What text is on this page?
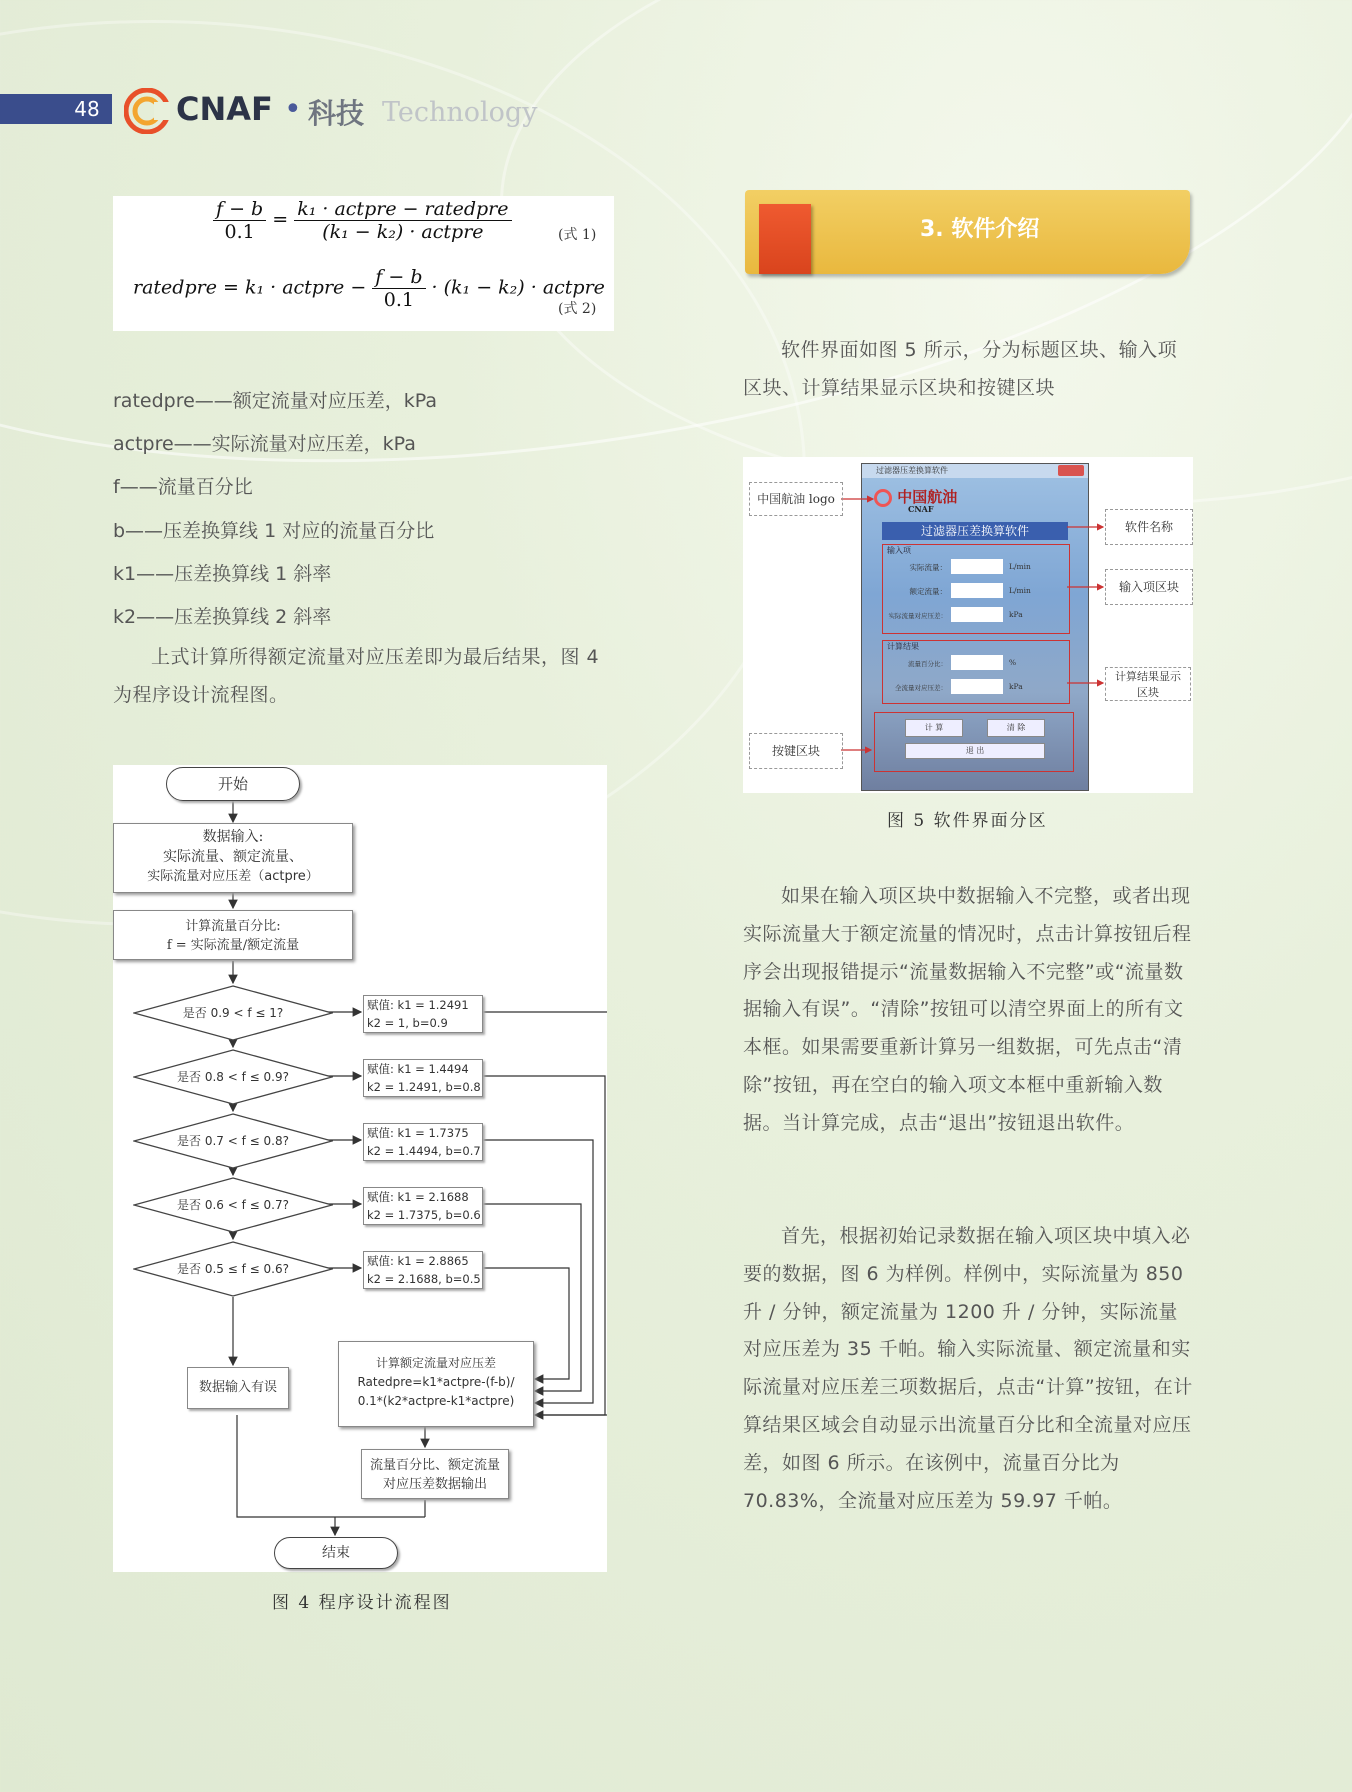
48	CNAF • 科技 Technology
$\frac{f - b}{0.1} = \frac{\text{k₁ · actpre − ratedpre}}{\text{(k₁ − k₂) · actpre}}$	(式 1)
ratedpre = k₁ · actpre − $\frac{f - b}{0.1} \cdot (k_1 - k_2)$ · actpre
(式 2)
ratedpre——额定流量对应压差，kPa
actpre——实际流量对应压差，kPa
f——流量百分比
b——压差换算线 1 对应的流量百分比
k1——压差换算线 1 斜率
k2——压差换算线 2 斜率
上式计算所得额定流量对应压差即为最后结果，图 4 为程序设计流程图。
开始
数据输入:
实际流量、额定流量、
实际流量对应压差（actpre）
计算流量百分比:
f = 实际流量/额定流量
是否 0.9 < f ≤ 1?
是否 0.8 < f ≤ 0.9?
是否 0.7 < f ≤ 0.8?
是否 0.6 < f ≤ 0.7?
是否 0.5 ≤ f ≤ 0.6?
赋值: k1 = 1.2491
k2 = 1, b=0.9
赋值: k1 = 1.4494
k2 = 1.2491, b=0.8
赋值: k1 = 1.7375
k2 = 1.4494, b=0.7
赋值: k1 = 2.1688
k2 = 1.7375, b=0.6
赋值: k1 = 2.8865
k2 = 2.1688, b=0.5
数据输入有误
计算额定流量对应压差
Ratedpre=k1*actpre-(f-b)/
0.1*(k2*actpre-k1*actpre)
流量百分比、额定流量
对应压差数据输出
结束
图 4 程序设计流程图
3. 软件介绍
软件界面如图 5 所示，分为标题区块、输入项区块、计算结果显示区块和按键区块
过滤器压差换算软件
中国航油
CNAF
过滤器压差换算软件
输入项
实际流量：	L/min
额定流量：	L/min
实际流量对应压差：	kPa
计算结果
流量百分比：	%
全流量对应压差：	kPa
计 算	清 除
退 出
中国航油 logo
软件名称
输入项区块
计算结果显示
区块
按键区块
图 5 软件界面分区
如果在输入项区块中数据输入不完整，或者出现实际流量大于额定流量的情况时，点击计算按钮后程序会出现报错提示“流量数据输入不完整”或“流量数据输入有误”。“清除”按钮可以清空界面上的所有文本框。如果需要重新计算另一组数据，可先点击“清除”按钮，再在空白的输入项文本框中重新输入数据。当计算完成，点击“退出”按钮退出软件。
首先，根据初始记录数据在输入项区块中填入必要的数据，图 6 为样例。样例中，实际流量为 850 升 / 分钟，额定流量为 1200 升 / 分钟，实际流量对应压差为 35 千帕。输入实际流量、额定流量和实际流量对应压差三项数据后，点击“计算”按钮，在计算结果区域会自动显示出流量百分比和全流量对应压差，如图 6 所示。在该例中，流量百分比为 70.83%，全流量对应压差为 59.97 千帕。
